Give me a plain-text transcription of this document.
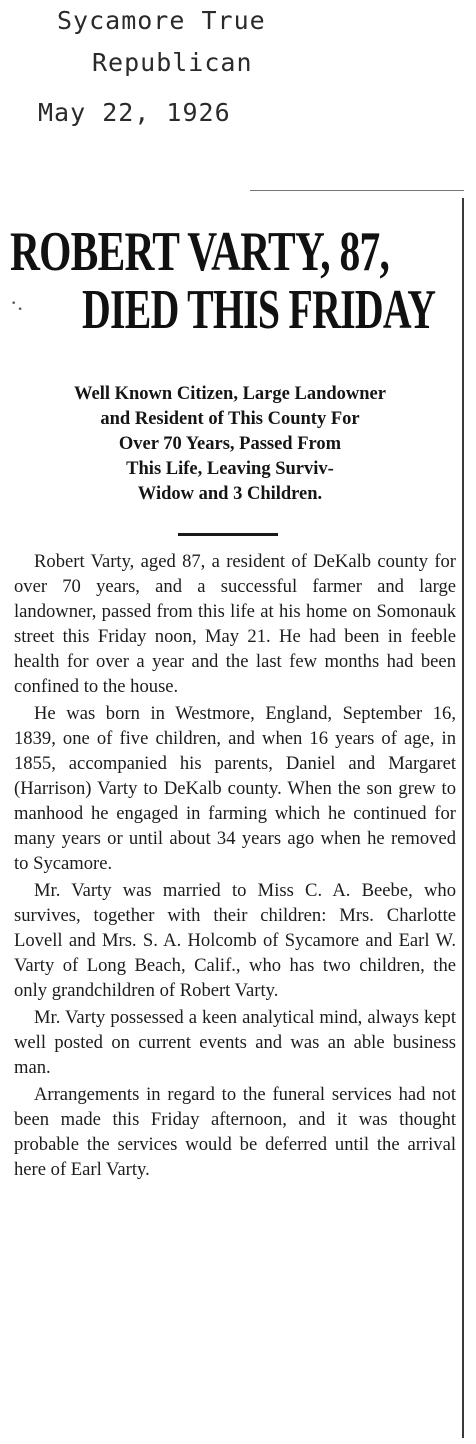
Sycamore True
Republican
May 22, 1926
ROBERT VARTY, 87,
·. DIED THIS FRIDAY
Well Known Citizen, Large Landowner
and Resident of This County For
Over 70 Years, Passed From
This Life, Leaving Surviv-
Widow and 3 Children.

Robert Varty, aged 87, a resident of DeKalb county for over 70 years, and a successful farmer and large landowner, passed from this life at his home on Somonauk street this Friday noon, May 21. He had been in feeble health for over a year and the last few months had been confined to the house.

He was born in Westmore, England, September 16, 1839, one of five children, and when 16 years of age, in 1855, accompanied his parents, Daniel and Margaret (Harrison) Varty to DeKalb county. When the son grew to manhood he engaged in farming which he continued for many years or until about 34 years ago when he removed to Sycamore.

Mr. Varty was married to Miss C. A. Beebe, who survives, together with their children: Mrs. Charlotte Lovell and Mrs. S. A. Holcomb of Sycamore and Earl W. Varty of Long Beach, Calif., who has two children, the only grandchildren of Robert Varty.

Mr. Varty possessed a keen analytical mind, always kept well posted on current events and was an able business man.

Arrangements in regard to the funeral services had not been made this Friday afternoon, and it was thought probable the services would be deferred until the arrival here of Earl Varty.
